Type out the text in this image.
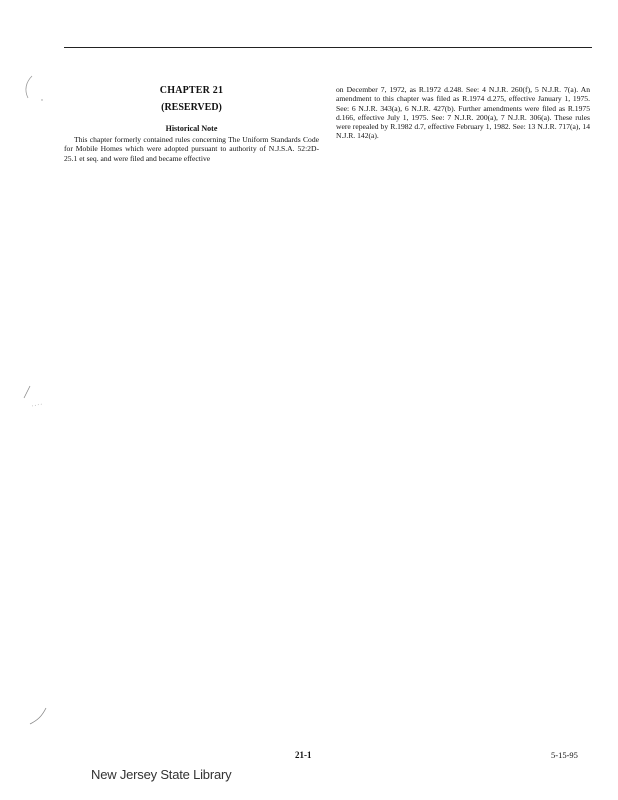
CHAPTER 21
(RESERVED)
Historical Note

This chapter formerly contained rules concerning The Uniform Standards Code for Mobile Homes which were adopted pursuant to authority of N.J.S.A. 52:2D-25.1 et seq. and were filed and became effective

on December 7, 1972, as R.1972 d.248. See: 4 N.J.R. 260(f), 5 N.J.R. 7(a). An amendment to this chapter was filed as R.1974 d.275, effective January 1, 1975. See: 6 N.J.R. 343(a), 6 N.J.R. 427(b). Further amendments were filed as R.1975 d.166, effective July 1, 1975. See: 7 N.J.R. 200(a), 7 N.J.R. 306(a). These rules were repealed by R.1982 d.7, effective February 1, 1982. See: 13 N.J.R. 717(a), 14 N.J.R. 142(a).

21-1	5-15-95
New Jersey State Library
